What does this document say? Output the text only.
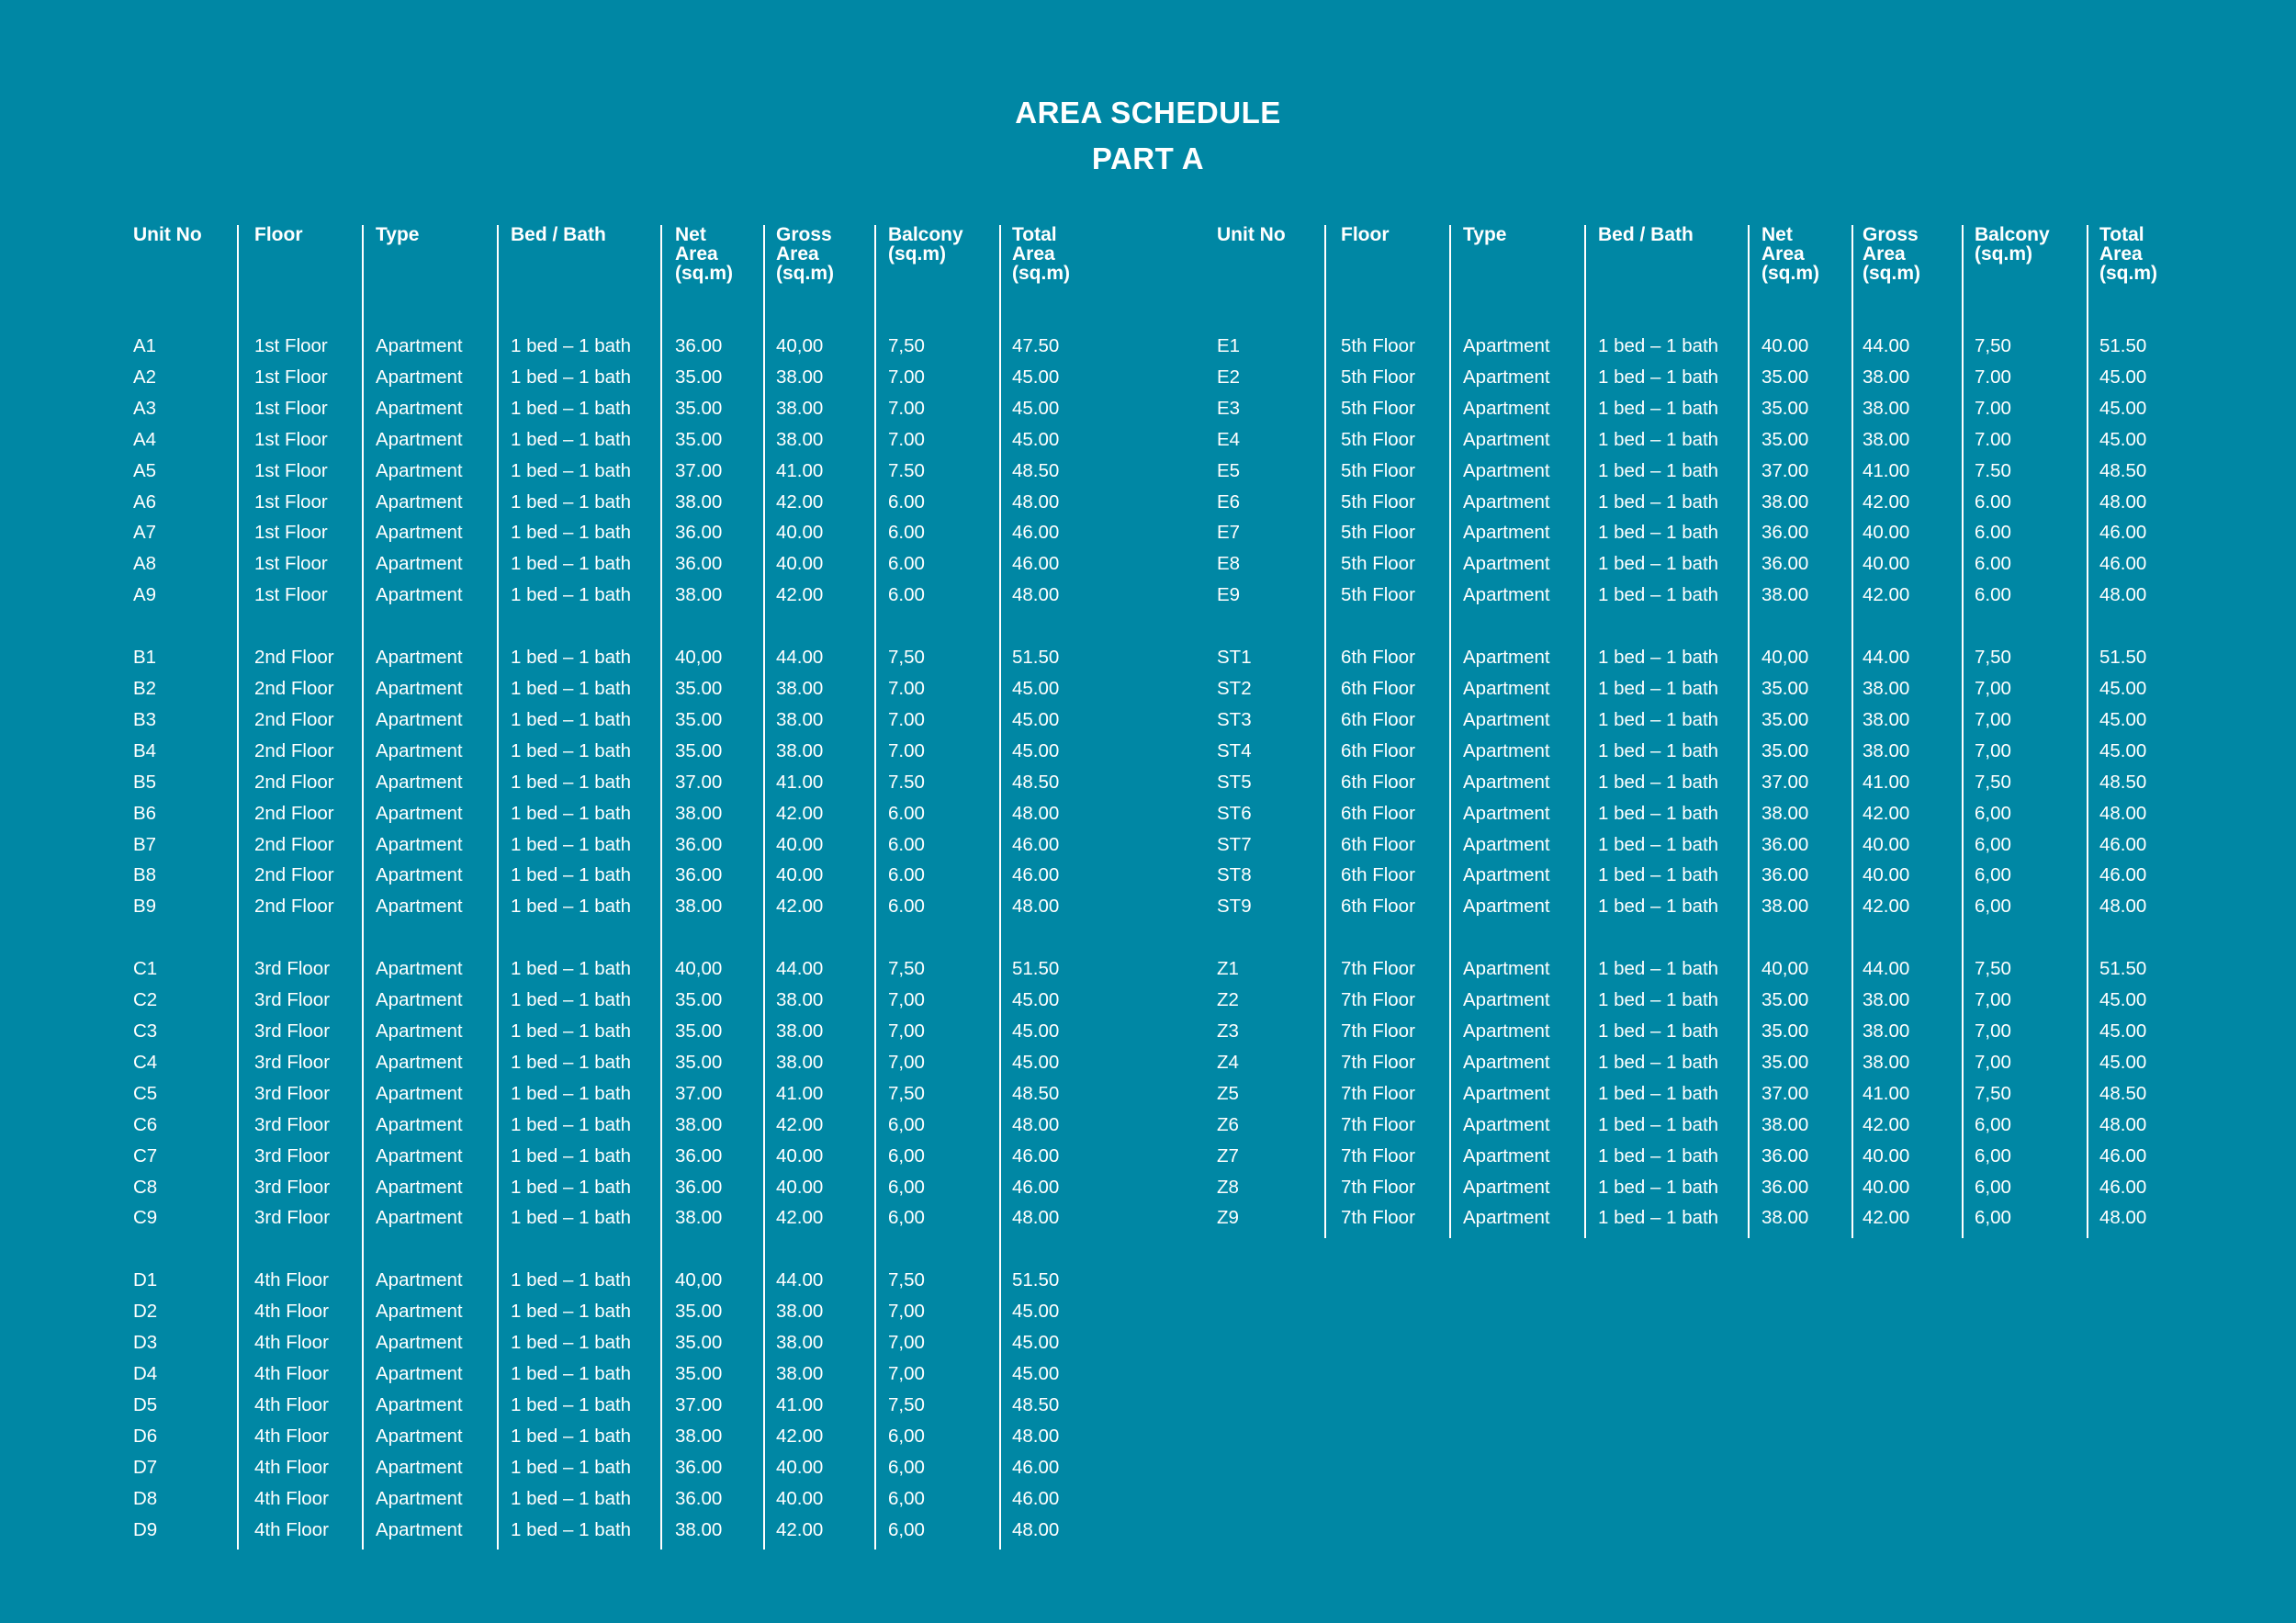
AREA SCHEDULE
PART A
Unit No	Floor	Type	Bed / Bath	Net
Area
(sq.m)
Gross
Area
(sq.m)
Balcony
(sq.m)
Total
Area
(sq.m)
A1	1st Floor	Apartment	1 bed – 1 bath 36.00	40,00	7,50	47.50
A2	1st Floor	Apartment	1 bed – 1 bath 35.00	38.00	7.00	45.00
A3	1st Floor	Apartment	1 bed – 1 bath 35.00	38.00	7.00	45.00
A4	1st Floor	Apartment	1 bed – 1 bath 35.00	38.00	7.00	45.00
A5	1st Floor	Apartment	1 bed – 1 bath 37.00	41.00	7.50	48.50
A6	1st Floor	Apartment	1 bed – 1 bath 38.00	42.00	6.00	48.00
A7	1st Floor	Apartment	1 bed – 1 bath 36.00	40.00	6.00	46.00
A8	1st Floor	Apartment	1 bed – 1 bath 36.00	40.00	6.00	46.00
A9	1st Floor	Apartment	1 bed – 1 bath 38.00	42.00	6.00	48.00
B1	2nd Floor Apartment	1 bed – 1 bath 40,00	44.00	7,50	51.50
B2	2nd Floor Apartment	1 bed – 1 bath 35.00	38.00	7.00	45.00
B3	2nd Floor Apartment	1 bed – 1 bath 35.00	38.00	7.00	45.00
B4	2nd Floor Apartment	1 bed – 1 bath 35.00	38.00	7.00	45.00
B5	2nd Floor Apartment	1 bed – 1 bath 37.00	41.00	7.50	48.50
B6	2nd Floor Apartment	1 bed – 1 bath 38.00	42.00	6.00	48.00
B7	2nd Floor Apartment	1 bed – 1 bath 36.00	40.00	6.00	46.00
B8	2nd Floor Apartment	1 bed – 1 bath 36.00	40.00	6.00	46.00
B9	2nd Floor Apartment	1 bed – 1 bath 38.00	42.00	6.00	48.00
C1	3rd Floor Apartment	1 bed – 1 bath 40,00	44.00	7,50	51.50
C2	3rd Floor Apartment	1 bed – 1 bath 35.00	38.00	7,00	45.00
C3	3rd Floor Apartment	1 bed – 1 bath 35.00	38.00	7,00	45.00
C4	3rd Floor Apartment	1 bed – 1 bath 35.00	38.00	7,00	45.00
C5	3rd Floor Apartment	1 bed – 1 bath 37.00	41.00	7,50	48.50
C6	3rd Floor Apartment	1 bed – 1 bath 38.00	42.00	6,00	48.00
C7	3rd Floor Apartment	1 bed – 1 bath 36.00	40.00	6,00	46.00
C8	3rd Floor Apartment	1 bed – 1 bath 36.00	40.00	6,00	46.00
C9	3rd Floor Apartment	1 bed – 1 bath 38.00	42.00	6,00	48.00
D1	4th Floor Apartment	1 bed – 1 bath 40,00	44.00	7,50	51.50
D2	4th Floor Apartment	1 bed – 1 bath 35.00	38.00	7,00	45.00
D3	4th Floor Apartment	1 bed – 1 bath 35.00	38.00	7,00	45.00
D4	4th Floor Apartment	1 bed – 1 bath 35.00	38.00	7,00	45.00
D5	4th Floor Apartment	1 bed – 1 bath 37.00	41.00	7,50	48.50
D6	4th Floor Apartment	1 bed – 1 bath 38.00	42.00	6,00	48.00
D7	4th Floor Apartment	1 bed – 1 bath 36.00	40.00	6,00	46.00
D8	4th Floor Apartment	1 bed – 1 bath 36.00	40.00	6,00	46.00
D9	4th Floor Apartment	1 bed – 1 bath 38.00	42.00	6,00	48.00
Unit No	Floor	Type	Bed / Bath	Net
Area
(sq.m)
Gross
Area
(sq.m)
Balcony
(sq.m)
Total
Area
(sq.m)
E1	5th Floor	Apartment	1 bed – 1 bath 40.00	44.00	7,50	51.50
E2	5th Floor	Apartment	1 bed – 1 bath 35.00	38.00	7.00	45.00
E3	5th Floor	Apartment	1 bed – 1 bath 35.00	38.00	7.00	45.00
E4	5th Floor	Apartment	1 bed – 1 bath 35.00	38.00	7.00	45.00
E5	5th Floor	Apartment	1 bed – 1 bath 37.00	41.00	7.50	48.50
E6	5th Floor	Apartment	1 bed – 1 bath 38.00	42.00	6.00	48.00
E7	5th Floor	Apartment	1 bed – 1 bath 36.00	40.00	6.00	46.00
E8	5th Floor	Apartment	1 bed – 1 bath 36.00	40.00	6.00	46.00
E9	5th Floor	Apartment	1 bed – 1 bath 38.00	42.00	6.00	48.00
ST1	6th Floor	Apartment	1 bed – 1 bath 40,00	44.00	7,50	51.50
ST2	6th Floor	Apartment	1 bed – 1 bath 35.00	38.00	7,00	45.00
ST3	6th Floor	Apartment	1 bed – 1 bath 35.00	38.00	7,00	45.00
ST4	6th Floor	Apartment	1 bed – 1 bath 35.00	38.00	7,00	45.00
ST5	6th Floor	Apartment	1 bed – 1 bath 37.00	41.00	7,50	48.50
ST6	6th Floor	Apartment	1 bed – 1 bath 38.00	42.00	6,00	48.00
ST7	6th Floor	Apartment	1 bed – 1 bath 36.00	40.00	6,00	46.00
ST8	6th Floor	Apartment	1 bed – 1 bath 36.00	40.00	6,00	46.00
ST9	6th Floor	Apartment	1 bed – 1 bath 38.00	42.00	6,00	48.00
Z1	7th Floor	Apartment	1 bed – 1 bath 40,00	44.00	7,50	51.50
Z2	7th Floor	Apartment	1 bed – 1 bath 35.00	38.00	7,00	45.00
Z3	7th Floor	Apartment	1 bed – 1 bath 35.00	38.00	7,00	45.00
Z4	7th Floor	Apartment	1 bed – 1 bath 35.00	38.00	7,00	45.00
Z5	7th Floor	Apartment	1 bed – 1 bath 37.00	41.00	7,50	48.50
Z6	7th Floor	Apartment	1 bed – 1 bath 38.00	42.00	6,00	48.00
Z7	7th Floor	Apartment	1 bed – 1 bath 36.00	40.00	6,00	46.00
Z8	7th Floor	Apartment	1 bed – 1 bath 36.00	40.00	6,00	46.00
Z9	7th Floor	Apartment	1 bed – 1 bath 38.00	42.00	6,00	48.00
